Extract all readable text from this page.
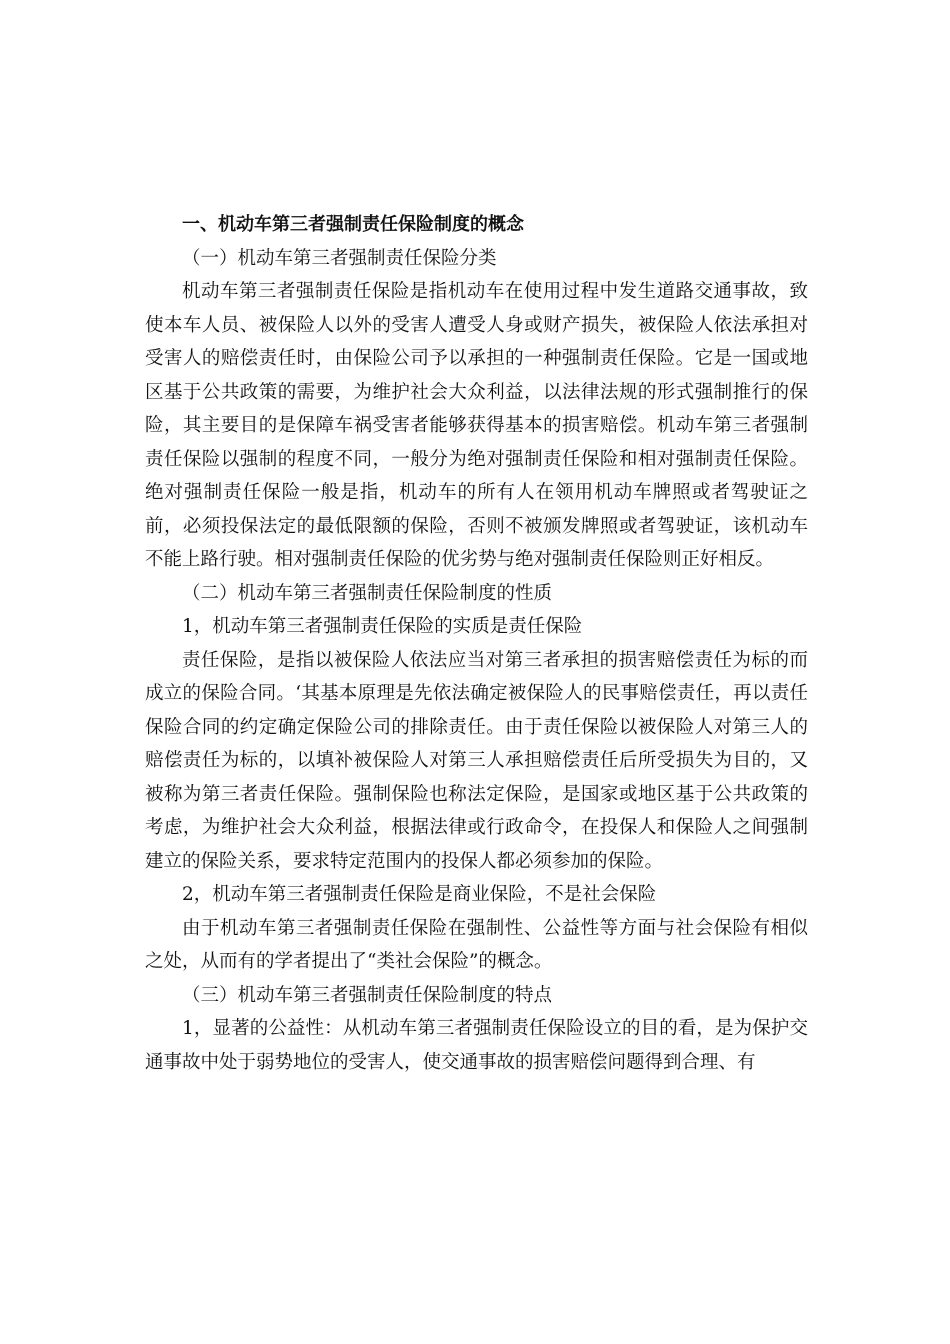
一、机动车第三者强制责任保险制度的概念

（一）机动车第三者强制责任保险分类

机动车第三者强制责任保险是指机动车在使用过程中发生道路交通事故，致使本车人员、被保险人以外的受害人遭受人身或财产损失，被保险人依法承担对受害人的赔偿责任时，由保险公司予以承担的一种强制责任保险。它是一国或地区基于公共政策的需要，为维护社会大众利益，以法律法规的形式强制推行的保险，其主要目的是保障车祸受害者能够获得基本的损害赔偿。机动车第三者强制责任保险以强制的程度不同，一般分为绝对强制责任保险和相对强制责任保险。绝对强制责任保险一般是指，机动车的所有人在领用机动车牌照或者驾驶证之前，必须投保法定的最低限额的保险，否则不被颁发牌照或者驾驶证，该机动车不能上路行驶。相对强制责任保险的优劣势与绝对强制责任保险则正好相反。

（二）机动车第三者强制责任保险制度的性质

1，机动车第三者强制责任保险的实质是责任保险

责任保险，是指以被保险人依法应当对第三者承担的损害赔偿责任为标的而成立的保险合同。‘其基本原理是先依法确定被保险人的民事赔偿责任，再以责任保险合同的约定确定保险公司的排除责任。由于责任保险以被保险人对第三人的赔偿责任为标的，以填补被保险人对第三人承担赔偿责任后所受损失为目的，又被称为第三者责任保险。强制保险也称法定保险，是国家或地区基于公共政策的考虑，为维护社会大众利益，根据法律或行政命令，在投保人和保险人之间强制建立的保险关系，要求特定范围内的投保人都必须参加的保险。

2，机动车第三者强制责任保险是商业保险，不是社会保险

由于机动车第三者强制责任保险在强制性、公益性等方面与社会保险有相似之处，从而有的学者提出了“类社会保险”的概念。

（三）机动车第三者强制责任保险制度的特点

1，显著的公益性：从机动车第三者强制责任保险设立的目的看，是为保护交通事故中处于弱势地位的受害人，使交通事故的损害赔偿问题得到合理、有
